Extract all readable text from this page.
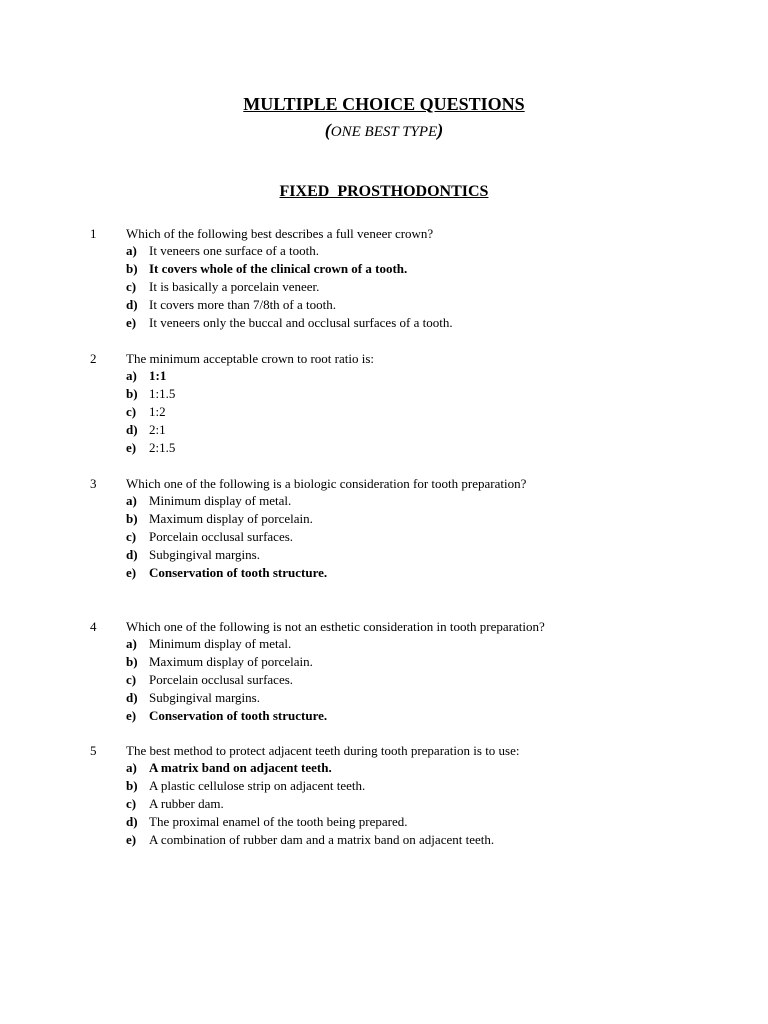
MULTIPLE CHOICE QUESTIONS
(ONE BEST TYPE)
FIXED PROSTHODONTICS
1 Which of the following best describes a full veneer crown?
a) It veneers one surface of a tooth.
b) It covers whole of the clinical crown of a tooth.
c) It is basically a porcelain veneer.
d) It covers more than 7/8th of a tooth.
e) It veneers only the buccal and occlusal surfaces of a tooth.
2 The minimum acceptable crown to root ratio is:
a) 1:1
b) 1:1.5
c) 1:2
d) 2:1
e) 2:1.5
3 Which one of the following is a biologic consideration for tooth preparation?
a) Minimum display of metal.
b) Maximum display of porcelain.
c) Porcelain occlusal surfaces.
d) Subgingival margins.
e) Conservation of tooth structure.
4 Which one of the following is not an esthetic consideration in tooth preparation?
a) Minimum display of metal.
b) Maximum display of porcelain.
c) Porcelain occlusal surfaces.
d) Subgingival margins.
e) Conservation of tooth structure.
5 The best method to protect adjacent teeth during tooth preparation is to use:
a) A matrix band on adjacent teeth.
b) A plastic cellulose strip on adjacent teeth.
c) A rubber dam.
d) The proximal enamel of the tooth being prepared.
e) A combination of rubber dam and a matrix band on adjacent teeth.
